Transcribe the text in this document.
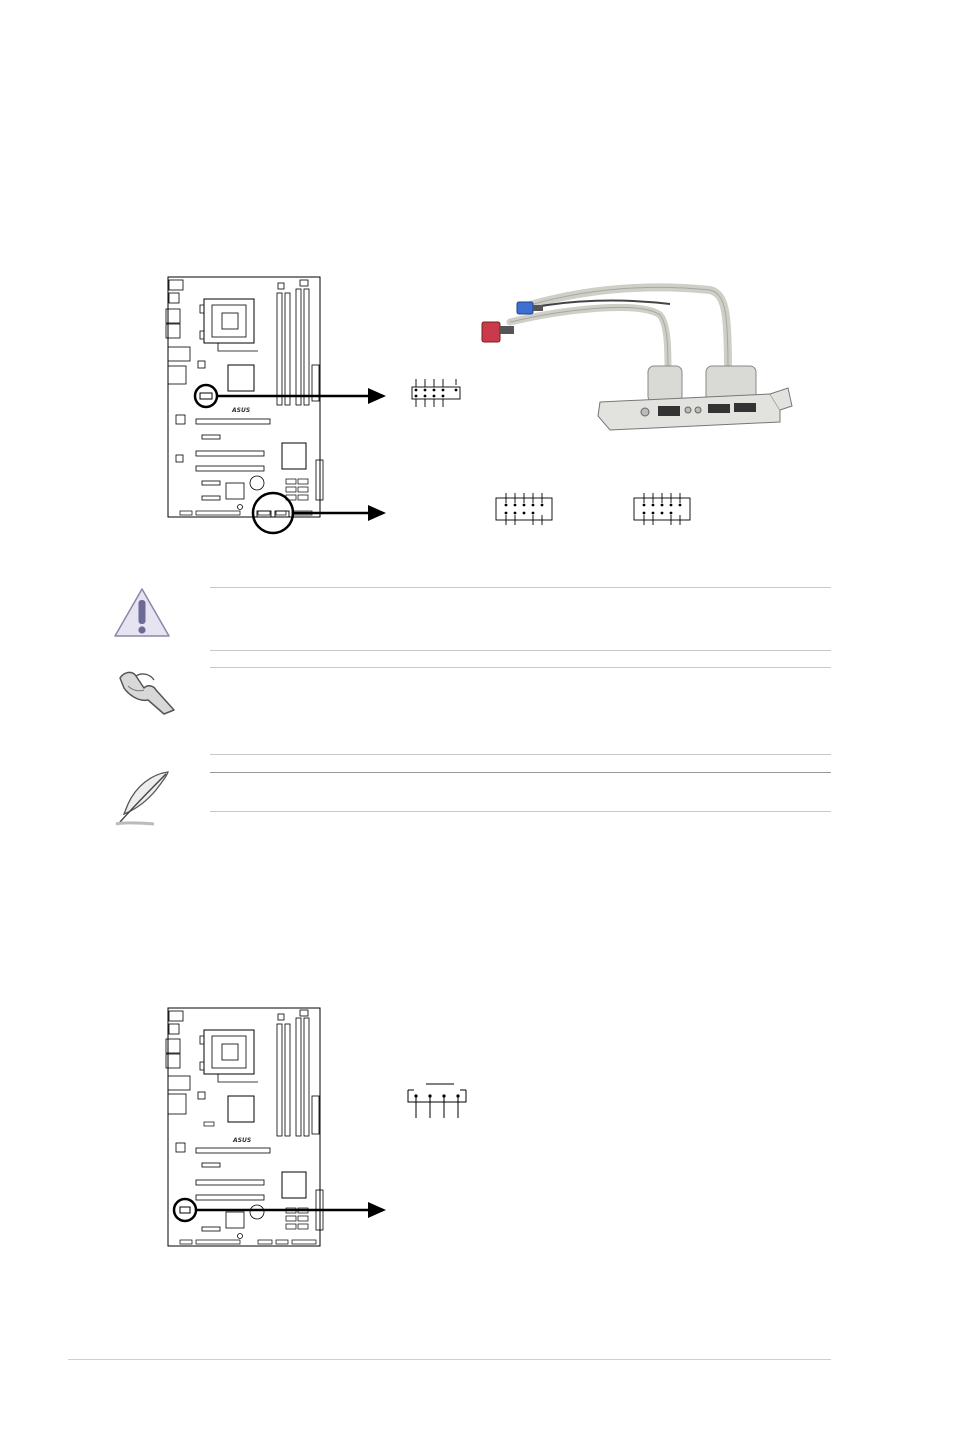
ASUS
ASUS
